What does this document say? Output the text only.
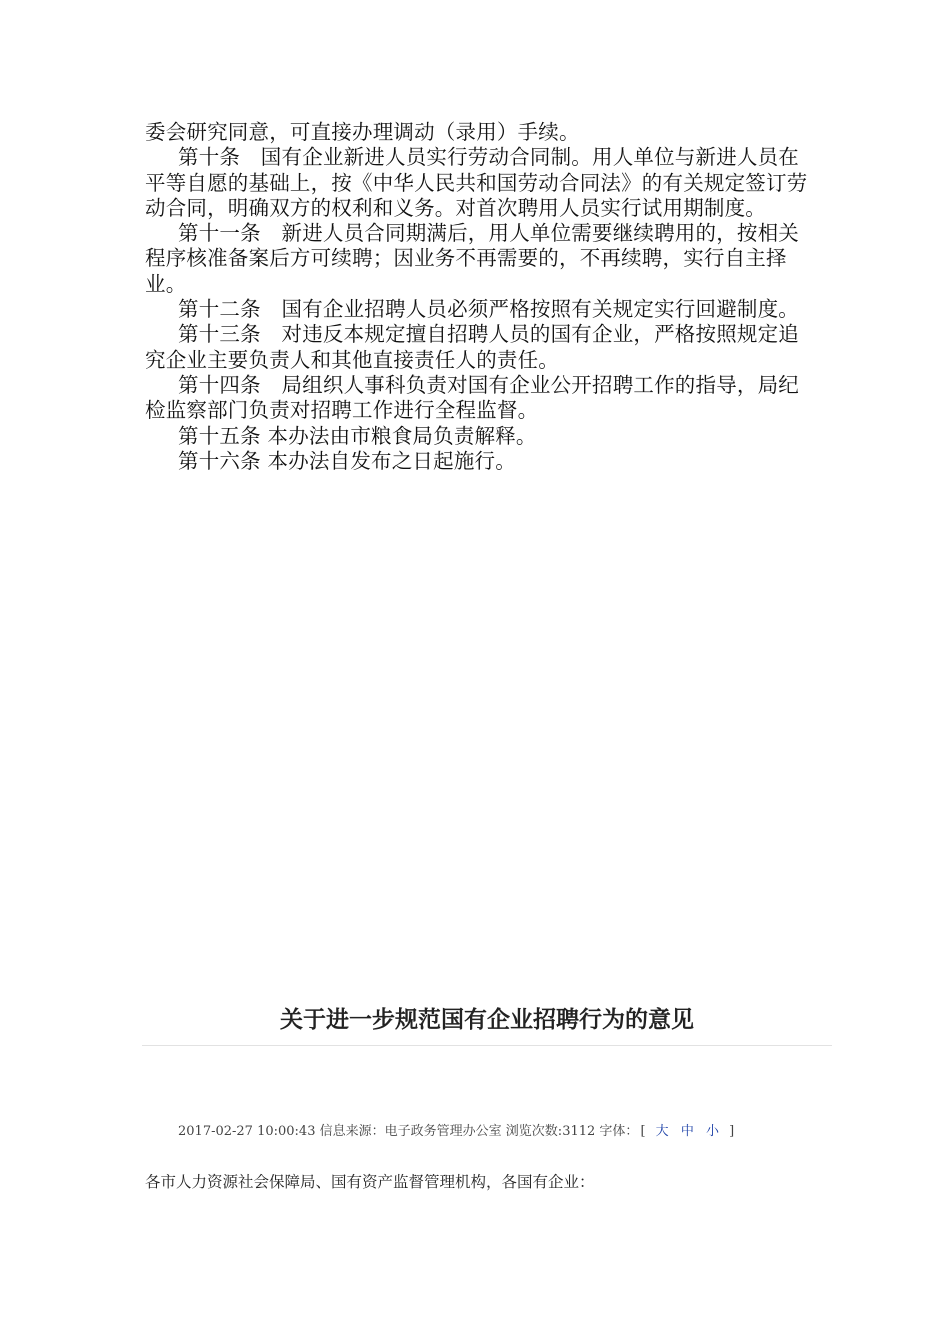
委会研究同意，可直接办理调动（录用）手续。

第十条　国有企业新进人员实行劳动合同制。用人单位与新进人员在平等自愿的基础上，按《中华人民共和国劳动合同法》的有关规定签订劳动合同，明确双方的权利和义务。对首次聘用人员实行试用期制度。

第十一条　新进人员合同期满后，用人单位需要继续聘用的，按相关程序核准备案后方可续聘；因业务不再需要的，不再续聘，实行自主择业。

第十二条　国有企业招聘人员必须严格按照有关规定实行回避制度。

第十三条　对违反本规定擅自招聘人员的国有企业，严格按照规定追究企业主要负责人和其他直接责任人的责任。

第十四条　局组织人事科负责对国有企业公开招聘工作的指导，局纪检监察部门负责对招聘工作进行全程监督。

第十五条 本办法由市粮食局负责解释。

第十六条 本办法自发布之日起施行。

关于进一步规范国有企业招聘行为的意见
2017-02-27 10:00:43 信息来源：电子政务管理办公室 浏览次数:3112 字体： [ 大 中 小 ]

各市人力资源社会保障局、国有资产监督管理机构，各国有企业：
